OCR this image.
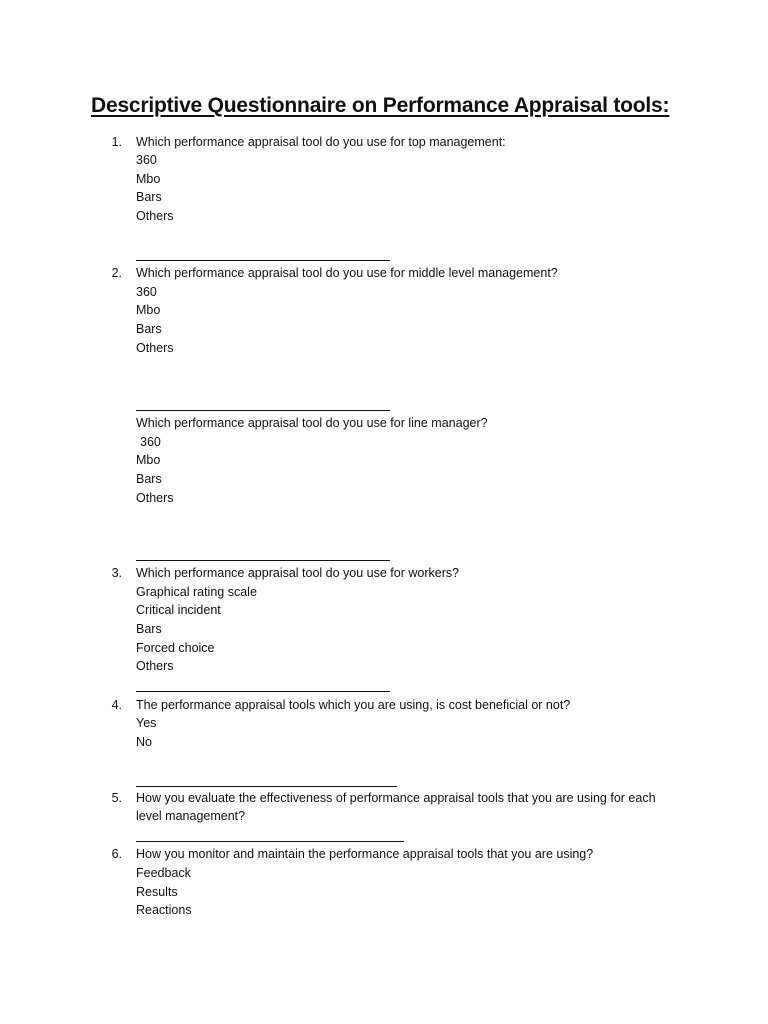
Descriptive Questionnaire on Performance Appraisal tools:
1. Which performance appraisal tool do you use for top management:
360
Mbo
Bars
Others
2. Which performance appraisal tool do you use for middle level management?
360
Mbo
Bars
Others
Which performance appraisal tool do you use for line manager?
360
Mbo
Bars
Others
3. Which performance appraisal tool do you use for workers?
Graphical rating scale
Critical incident
Bars
Forced choice
Others
4. The performance appraisal tools which you are using, is cost beneficial or not?
Yes
No
5. How you evaluate the effectiveness of performance appraisal tools that you are using for each
level management?
6. How you monitor and maintain the performance appraisal tools that you are using?
Feedback
Results
Reactions
